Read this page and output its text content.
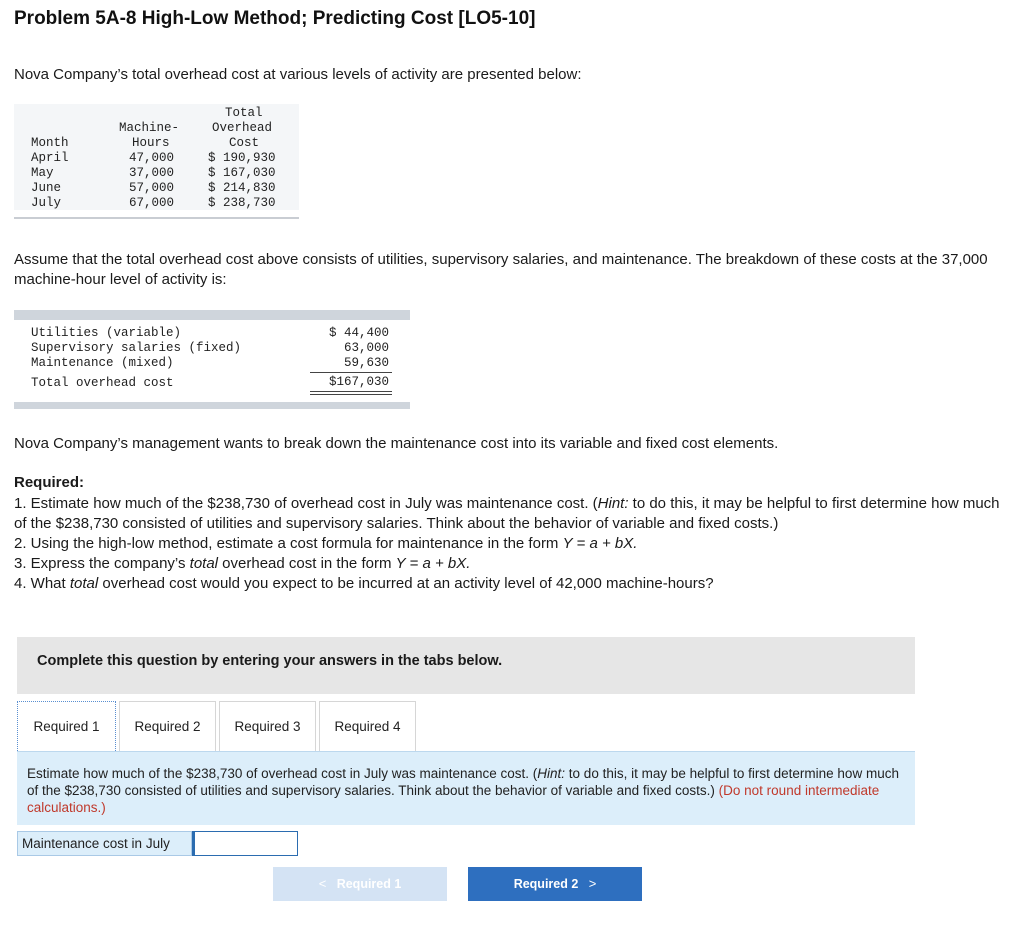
Problem 5A-8 High-Low Method; Predicting Cost [LO5-10]
Nova Company’s total overhead cost at various levels of activity are presented below:
Total
Machine-	Overhead
Month	Hours	Cost
April	47,000	$ 190,930
May	37,000	$ 167,030
June	57,000	$ 214,830
July	67,000	$ 238,730
Assume that the total overhead cost above consists of utilities, supervisory salaries, and maintenance. The breakdown of these costs at the 37,000 machine-hour level of activity is:
Utilities (variable)	$ 44,400
Supervisory salaries (fixed)	63,000
Maintenance (mixed)	59,630
Total overhead cost	$167,030
Nova Company’s management wants to break down the maintenance cost into its variable and fixed cost elements.
Required:

1. Estimate how much of the $238,730 of overhead cost in July was maintenance cost. (Hint: to do this, it may be helpful to first determine how much of the $238,730 consisted of utilities and supervisory salaries. Think about the behavior of variable and fixed costs.)

2. Using the high-low method, estimate a cost formula for maintenance in the form Y = a + bX.

3. Express the company’s total overhead cost in the form Y = a + bX.

4. What total overhead cost would you expect to be incurred at an activity level of 42,000 machine-hours?

Complete this question by entering your answers in the tabs below.
Required 1	Required 2	Required 3	Required 4
Estimate how much of the $238,730 of overhead cost in July was maintenance cost. (Hint: to do this, it may be helpful to first determine how much of the $238,730 consisted of utilities and supervisory salaries. Think about the behavior of variable and fixed costs.) (Do not round intermediate calculations.)
Maintenance cost in July
< Required 1	Required 2 >
